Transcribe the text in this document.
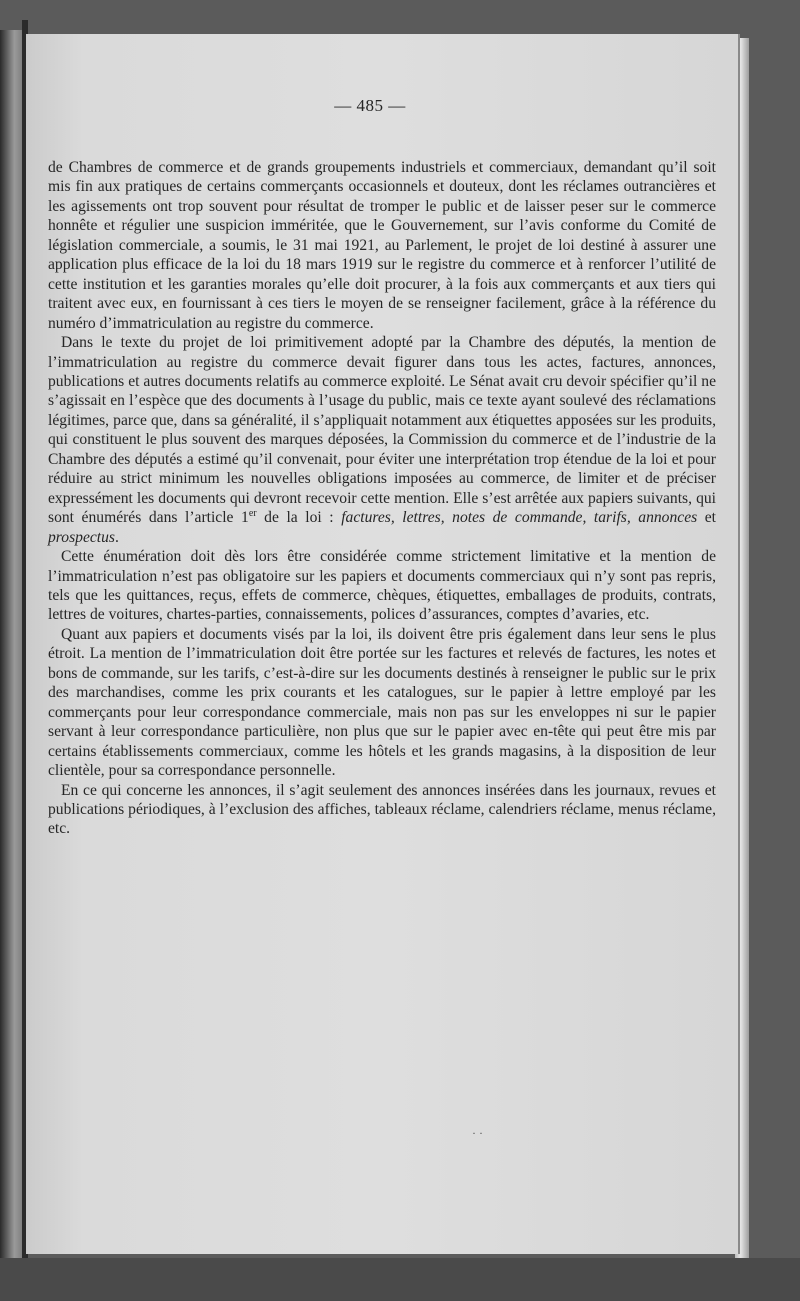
— 485 —

de Chambres de commerce et de grands groupements industriels et commerciaux, demandant qu’il soit mis fin aux pratiques de certains commerçants occasionnels et douteux, dont les réclames outrancières et les agissements ont trop souvent pour résultat de tromper le public et de laisser peser sur le commerce honnête et régulier une suspicion imméritée, que le Gouvernement, sur l’avis conforme du Comité de législation commerciale, a soumis, le 31 mai 1921, au Parlement, le projet de loi destiné à assurer une application plus efficace de la loi du 18 mars 1919 sur le registre du commerce et à renforcer l’utilité de cette institution et les garanties morales qu’elle doit procurer, à la fois aux commerçants et aux tiers qui traitent avec eux, en fournissant à ces tiers le moyen de se renseigner facilement, grâce à la référence du numéro d’immatriculation au registre du commerce.

Dans le texte du projet de loi primitivement adopté par la Chambre des députés, la mention de l’immatriculation au registre du commerce devait figurer dans tous les actes, factures, annonces, publications et autres documents relatifs au commerce exploité. Le Sénat avait cru devoir spécifier qu’il ne s’agissait en l’espèce que des documents à l’usage du public, mais ce texte ayant soulevé des réclamations légitimes, parce que, dans sa généralité, il s’appliquait notamment aux étiquettes apposées sur les produits, qui constituent le plus souvent des marques déposées, la Commission du commerce et de l’industrie de la Chambre des députés a estimé qu’il convenait, pour éviter une interprétation trop étendue de la loi et pour réduire au strict minimum les nouvelles obligations imposées au commerce, de limiter et de préciser expressément les documents qui devront recevoir cette mention. Elle s’est arrêtée aux papiers suivants, qui sont énumérés dans l’article 1er de la loi : factures, lettres, notes de commande, tarifs, annonces et prospectus.

Cette énumération doit dès lors être considérée comme strictement limitative et la mention de l’immatriculation n’est pas obligatoire sur les papiers et documents commerciaux qui n’y sont pas repris, tels que les quittances, reçus, effets de commerce, chèques, étiquettes, emballages de produits, contrats, lettres de voitures, chartes-parties, connaissements, polices d’assurances, comptes d’avaries, etc.

Quant aux papiers et documents visés par la loi, ils doivent être pris également dans leur sens le plus étroit. La mention de l’immatriculation doit être portée sur les factures et relevés de factures, les notes et bons de commande, sur les tarifs, c’est-à-dire sur les documents destinés à renseigner le public sur le prix des marchandises, comme les prix courants et les catalogues, sur le papier à lettre employé par les commerçants pour leur correspondance commerciale, mais non pas sur les enveloppes ni sur le papier servant à leur correspondance particulière, non plus que sur le papier avec en-tête qui peut être mis par certains établissements commerciaux, comme les hôtels et les grands magasins, à la disposition de leur clientèle, pour sa correspondance personnelle.

En ce qui concerne les annonces, il s’agit seulement des annonces insérées dans les journaux, revues et publications périodiques, à l’exclusion des affiches, tableaux réclame, calendriers réclame, menus réclame, etc.

· ·
